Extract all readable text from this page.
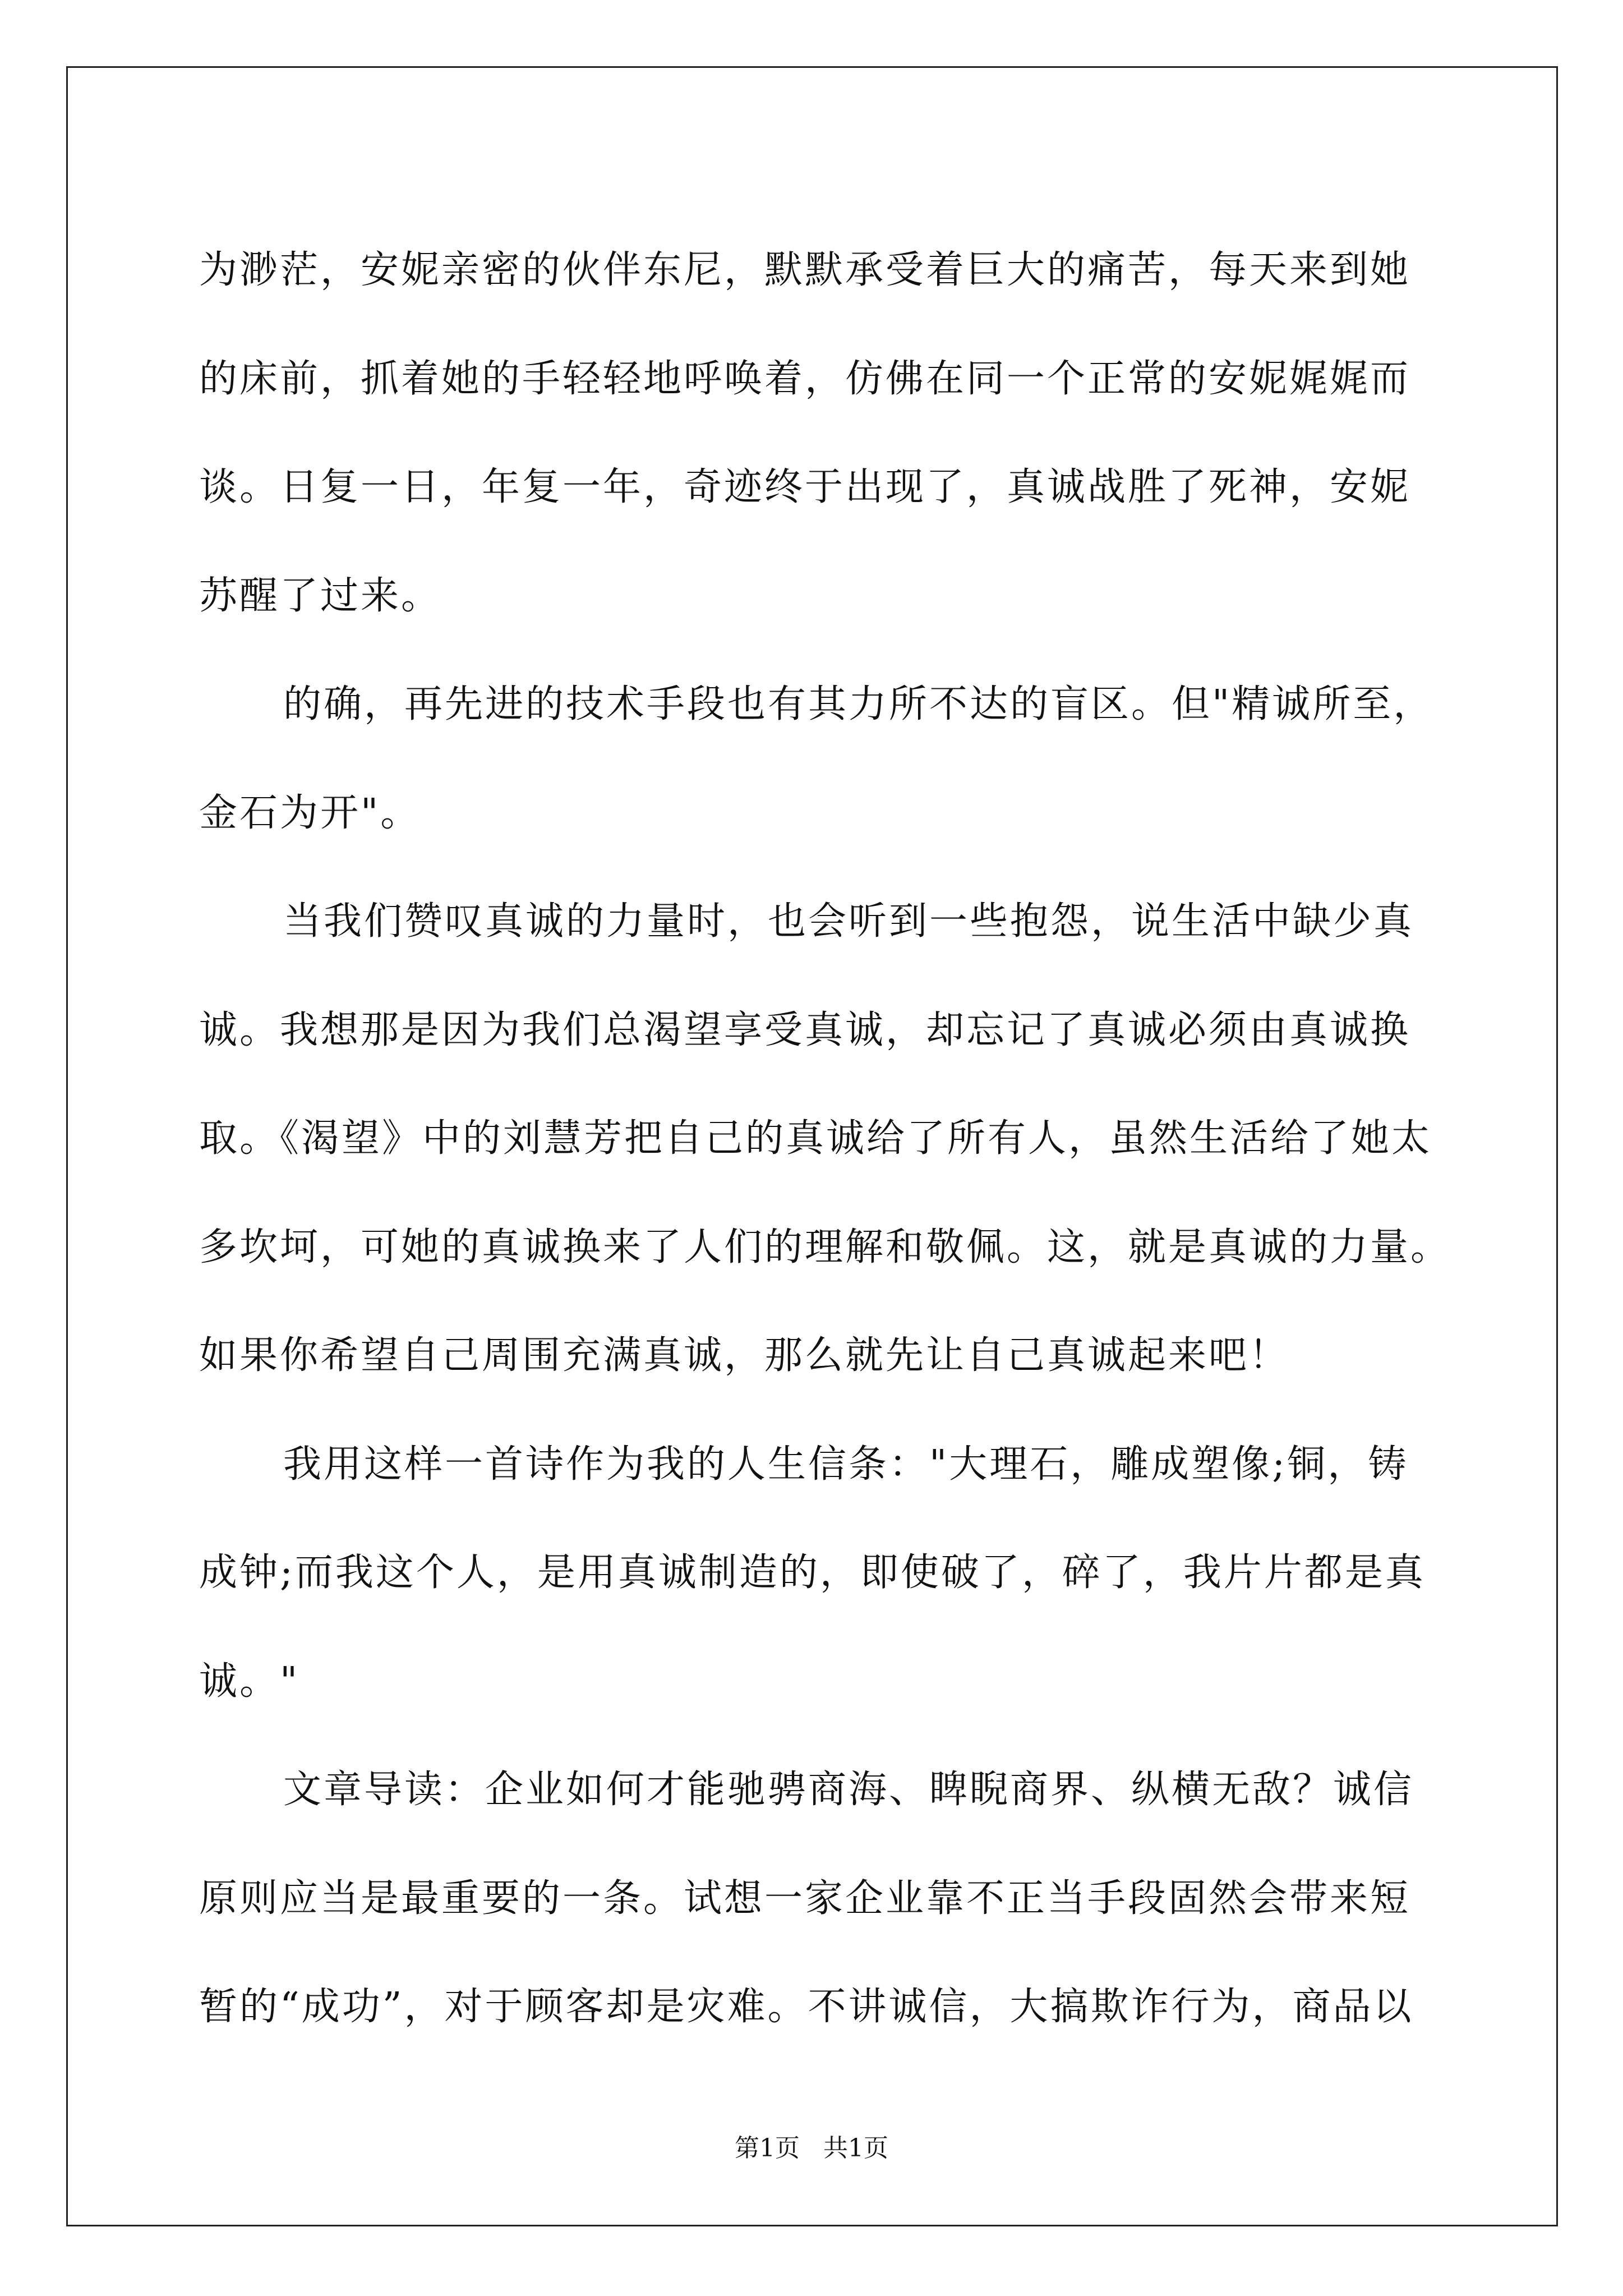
为渺茫，安妮亲密的伙伴东尼，默默承受着巨大的痛苦，每天来到她
的床前，抓着她的手轻轻地呼唤着，仿佛在同一个正常的安妮娓娓而
谈。日复一日，年复一年，奇迹终于出现了，真诚战胜了死神，安妮
苏醒了过来。
的确，再先进的技术手段也有其力所不达的盲区。但"精诚所至，
金石为开"。
当我们赞叹真诚的力量时，也会听到一些抱怨，说生活中缺少真
诚。我想那是因为我们总渴望享受真诚，却忘记了真诚必须由真诚换
取。《渴望》中的刘慧芳把自己的真诚给了所有人，虽然生活给了她太
多坎坷，可她的真诚换来了人们的理解和敬佩。这，就是真诚的力量。
如果你希望自己周围充满真诚，那么就先让自己真诚起来吧！
我用这样一首诗作为我的人生信条："大理石，雕成塑像;铜，铸
成钟;而我这个人，是用真诚制造的，即使破了，碎了，我片片都是真
诚。"
文章导读：企业如何才能驰骋商海、睥睨商界、纵横无敌？诚信
原则应当是最重要的一条。试想一家企业靠不正当手段固然会带来短
暂的“成功”，对于顾客却是灾难。不讲诚信，大搞欺诈行为，商品以
第1页   共1页
